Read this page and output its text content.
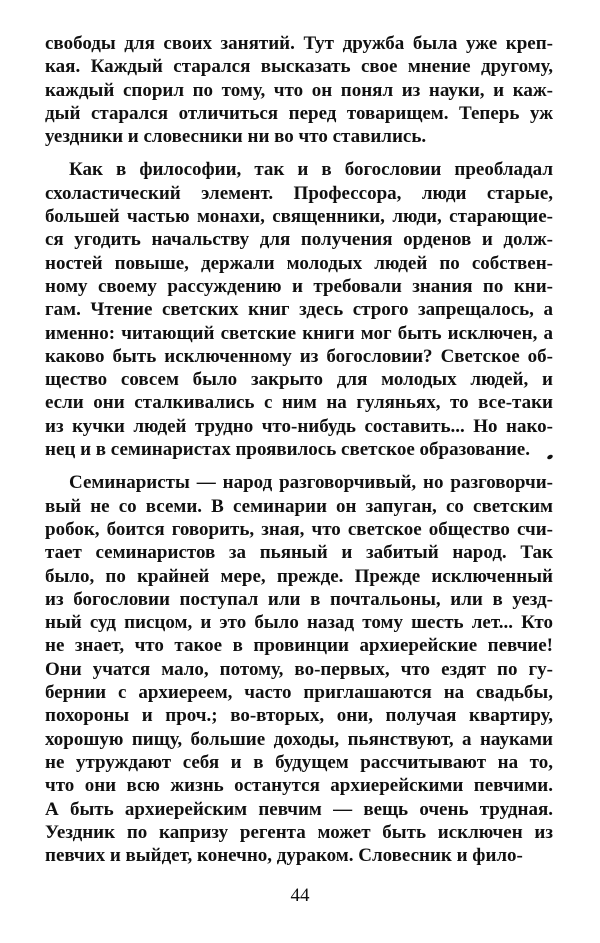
свободы для своих занятий. Тут дружба была уже креп-
кая. Каждый старался высказать свое мнение другому,
каждый спорил по тому, что он понял из науки, и каж-
дый старался отличиться перед товарищем. Теперь уж
уездники и словесники ни во что ставились.
Как в философии, так и в богословии преобладал
схоластический элемент. Профессора, люди старые,
большей частью монахи, священники, люди, старающие-
ся угодить начальству для получения орденов и долж-
ностей повыше, держали молодых людей по собствен-
ному своему рассуждению и требовали знания по кни-
гам. Чтение светских книг здесь строго запрещалось, а
именно: читающий светские книги мог быть исключен, а
каково быть исключенному из богословии? Светское об-
щество совсем было закрыто для молодых людей, и
если они сталкивались с ним на гуляньях, то все-таки
из кучки людей трудно что-нибудь составить... Но нако-
нец и в семинаристах проявилось светское образование.
Семинаристы — народ разговорчивый, но разговорчи-
вый не со всеми. В семинарии он запуган, со светским
робок, боится говорить, зная, что светское общество счи-
тает семинаристов за пьяный и забитый народ. Так
было, по крайней мере, прежде. Прежде исключенный
из богословии поступал или в почтальоны, или в уезд-
ный суд писцом, и это было назад тому шесть лет... Кто
не знает, что такое в провинции архиерейские певчие!
Они учатся мало, потому, во-первых, что ездят по гу-
бернии с архиереем, часто приглашаются на свадьбы,
похороны и проч.; во-вторых, они, получая квартиру,
хорошую пищу, большие доходы, пьянствуют, а науками
не утруждают себя и в будущем рассчитывают на то,
что они всю жизнь останутся архиерейскими певчими.
А быть архиерейским певчим — вещь очень трудная.
Уездник по капризу регента может быть исключен из
певчих и выйдет, конечно, дураком. Словесник и фило-
44
